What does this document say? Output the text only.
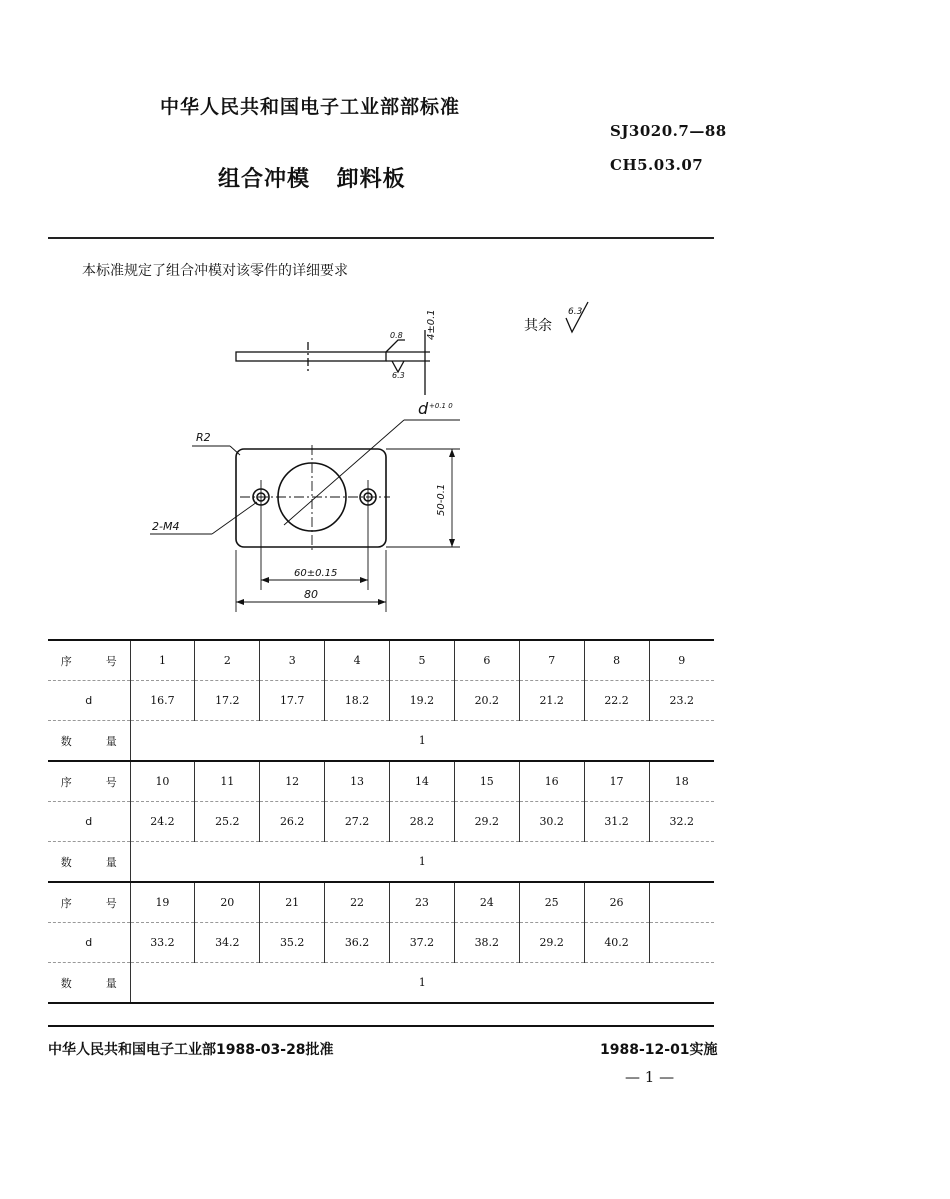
中华人民共和国电子工业部部标准
SJ3020.7—88
CH5.03.07
组合冲模 卸料板
本标准规定了组合冲模对该零件的详细要求
0.8
6.3
4±0.1	其余
6.3
d +0.1 0
R2
2-M4
50-0.1
60±0.15
80
序 号	1	2	3	4	5	6	7	8	9
d	16.7	17.2	17.7	18.2	19.2	20.2	21.2	22.2	23.2
数 量	1								
序 号	10	11	12	13	14	15	16	17	18
d	24.2	25.2	26.2	27.2	28.2	29.2	30.2	31.2	32.2
数 量	1								
序 号	19	20	21	22	23	24	25	26	
d	33.2	34.2	35.2	36.2	37.2	38.2	29.2	40.2	
数 量	1								
中华人民共和国电子工业部1988-03-28批准	1988-12-01实施
— 1 —
